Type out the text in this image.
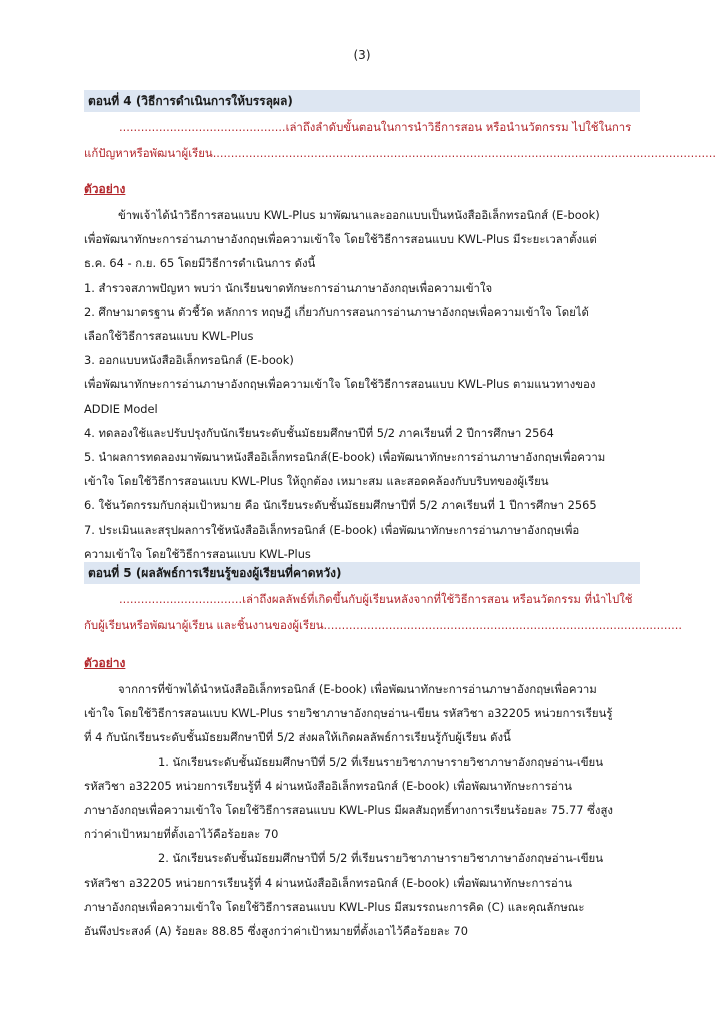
(3)
ตอนที่ 4 (วิธีการดำเนินการให้บรรลุผล)
..............................................เล่าถึงลำดับขั้นตอนในการนำวิธีการสอน หรือนำนวัตกรรม ไปใช้ในการ
แก้ปัญหาหรือพัฒนาผู้เรียน...........................................................................................................................................
ตัวอย่าง
ข้าพเจ้าได้นำวิธีการสอนแบบ KWL-Plus มาพัฒนาและออกแบบเป็นหนังสืออิเล็กทรอนิกส์ (E-book)
เพื่อพัฒนาทักษะการอ่านภาษาอังกฤษเพื่อความเข้าใจ โดยใช้วิธีการสอนแบบ KWL-Plus มีระยะเวลาตั้งแต่
ธ.ค. 64 - ก.ย. 65 โดยมีวิธีการดำเนินการ ดังนี้
1. สำรวจสภาพปัญหา พบว่า นักเรียนขาดทักษะการอ่านภาษาอังกฤษเพื่อความเข้าใจ
2. ศึกษามาตรฐาน ตัวชี้วัด หลักการ ทฤษฎี เกี่ยวกับการสอนการอ่านภาษาอังกฤษเพื่อความเข้าใจ โดยได้
เลือกใช้วิธีการสอนแบบ KWL-Plus
3. ออกแบบหนังสืออิเล็กทรอนิกส์ (E-book)
เพื่อพัฒนาทักษะการอ่านภาษาอังกฤษเพื่อความเข้าใจ โดยใช้วิธีการสอนแบบ KWL-Plus ตามแนวทางของ
ADDIE Model
4. ทดลองใช้และปรับปรุงกับนักเรียนระดับชั้นมัธยมศึกษาปีที่ 5/2 ภาคเรียนที่ 2 ปีการศึกษา 2564
5. นำผลการทดลองมาพัฒนาหนังสืออิเล็กทรอนิกส์(E-book) เพื่อพัฒนาทักษะการอ่านภาษาอังกฤษเพื่อความ
เข้าใจ โดยใช้วิธีการสอนแบบ KWL-Plus ให้ถูกต้อง เหมาะสม และสอดคล้องกับบริบทของผู้เรียน
6. ใช้นวัตกรรมกับกลุ่มเป้าหมาย คือ นักเรียนระดับชั้นมัธยมศึกษาปีที่ 5/2 ภาคเรียนที่ 1 ปีการศึกษา 2565
7. ประเมินและสรุปผลการใช้หนังสืออิเล็กทรอนิกส์ (E-book) เพื่อพัฒนาทักษะการอ่านภาษาอังกฤษเพื่อ
ความเข้าใจ โดยใช้วิธีการสอนแบบ KWL-Plus
ตอนที่ 5 (ผลลัพธ์การเรียนรู้ของผู้เรียนที่คาดหวัง)
..................................เล่าถึงผลลัพธ์ที่เกิดขึ้นกับผู้เรียนหลังจากที่ใช้วิธีการสอน หรือนวัตกรรม ที่นำไปใช้
กับผู้เรียนหรือพัฒนาผู้เรียน และชิ้นงานของผู้เรียน...................................................................................................
ตัวอย่าง
จากการที่ข้าพได้นำหนังสืออิเล็กทรอนิกส์ (E-book) เพื่อพัฒนาทักษะการอ่านภาษาอังกฤษเพื่อความ
เข้าใจ โดยใช้วิธีการสอนแบบ KWL-Plus รายวิชาภาษาอังกฤษอ่าน-เขียน รหัสวิชา อ32205 หน่วยการเรียนรู้
ที่ 4 กับนักเรียนระดับชั้นมัธยมศึกษาปีที่ 5/2 ส่งผลให้เกิดผลลัพธ์การเรียนรู้กับผู้เรียน ดังนี้
1. นักเรียนระดับชั้นมัธยมศึกษาปีที่ 5/2 ที่เรียนรายวิชาภาษารายวิชาภาษาอังกฤษอ่าน-เขียน
รหัสวิชา อ32205 หน่วยการเรียนรู้ที่ 4 ผ่านหนังสืออิเล็กทรอนิกส์ (E-book) เพื่อพัฒนาทักษะการอ่าน
ภาษาอังกฤษเพื่อความเข้าใจ โดยใช้วิธีการสอนแบบ KWL-Plus มีผลสัมฤทธิ์ทางการเรียนร้อยละ 75.77 ซึ่งสูง
กว่าค่าเป้าหมายที่ตั้งเอาไว้คือร้อยละ 70
2. นักเรียนระดับชั้นมัธยมศึกษาปีที่ 5/2 ที่เรียนรายวิชาภาษารายวิชาภาษาอังกฤษอ่าน-เขียน
รหัสวิชา อ32205 หน่วยการเรียนรู้ที่ 4 ผ่านหนังสืออิเล็กทรอนิกส์ (E-book) เพื่อพัฒนาทักษะการอ่าน
ภาษาอังกฤษเพื่อความเข้าใจ โดยใช้วิธีการสอนแบบ KWL-Plus มีสมรรถนะการคิด (C) และคุณลักษณะ
อันพึงประสงค์ (A) ร้อยละ 88.85 ซึ่งสูงกว่าค่าเป้าหมายที่ตั้งเอาไว้คือร้อยละ 70
